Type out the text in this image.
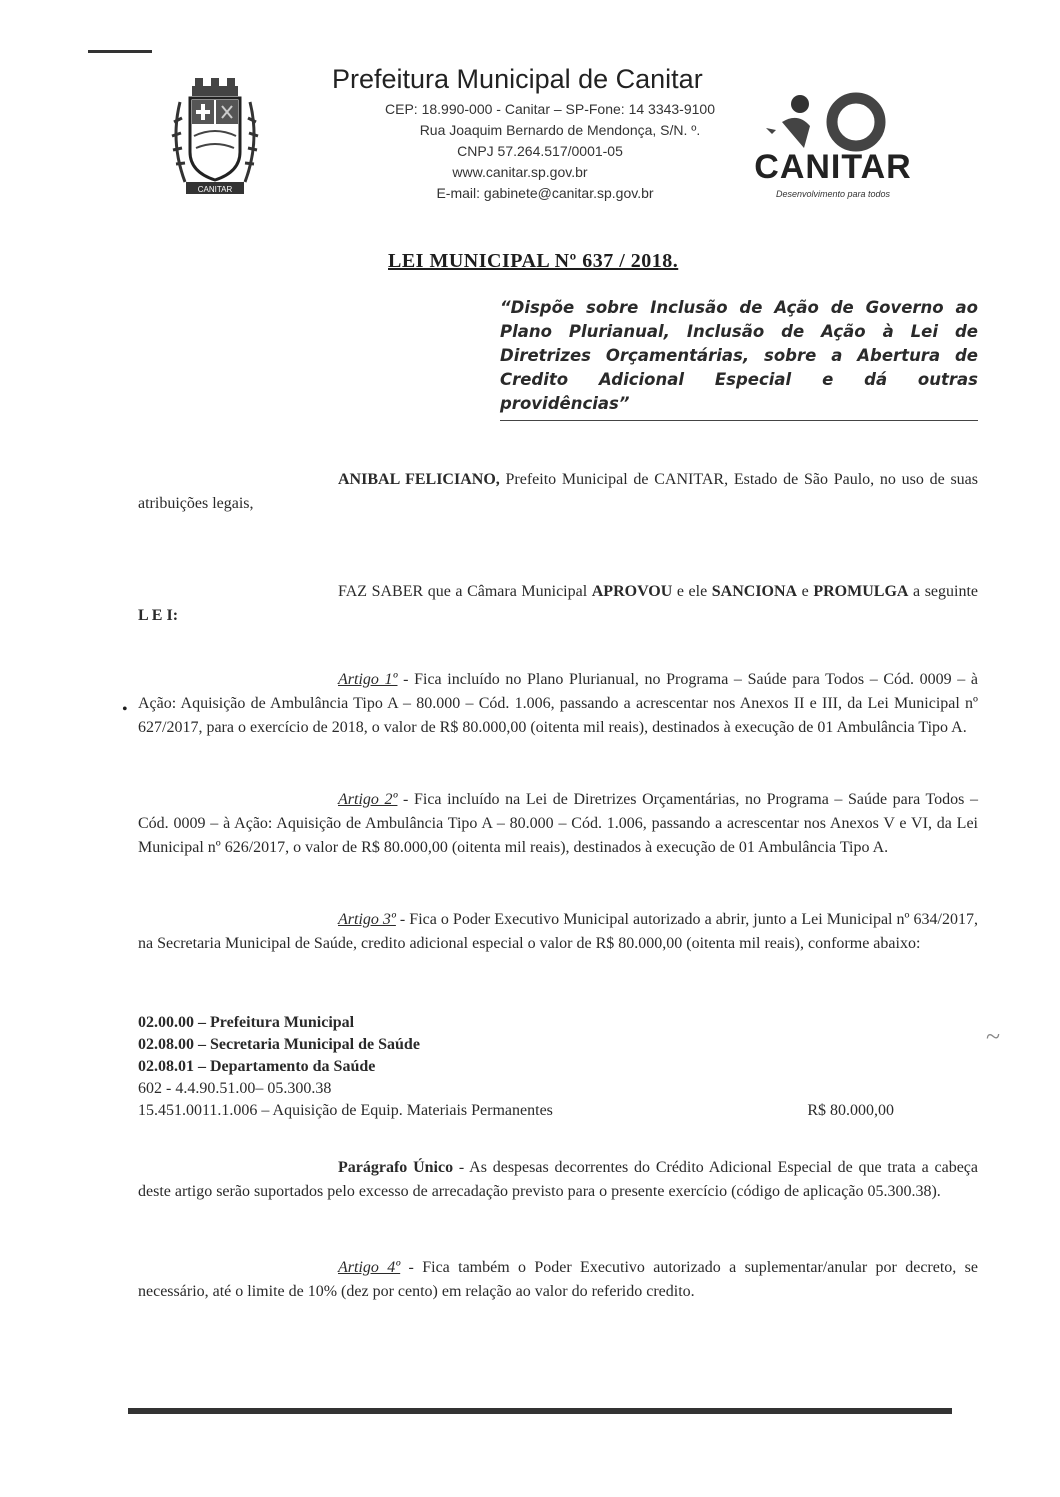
CANITAR
Prefeitura Municipal de Canitar
CEP: 18.990-000 - Canitar – SP-Fone: 14 3343-9100
Rua Joaquim Bernardo de Mendonça, S/N. º.
CNPJ 57.264.517/0001-05
www.canitar.sp.gov.br
E-mail: gabinete@canitar.sp.gov.br
CANITAR
Desenvolvimento para todos
LEI MUNICIPAL Nº 637 / 2018.
“Dispõe sobre Inclusão de Ação de Governo ao Plano Plurianual, Inclusão de Ação à Lei de Diretrizes Orçamentárias, sobre a Abertura de Credito Adicional Especial e dá outras providências”
ANIBAL FELICIANO, Prefeito Municipal de CANITAR, Estado de São Paulo, no uso de suas atribuições legais,
FAZ SABER que a Câmara Municipal APROVOU e ele SANCIONA e PROMULGA a seguinte L E I:
Artigo 1º - Fica incluído no Plano Plurianual, no Programa – Saúde para Todos – Cód. 0009 – à Ação: Aquisição de Ambulância Tipo A – 80.000 – Cód. 1.006, passando a acrescentar nos Anexos II e III, da Lei Municipal nº 627/2017, para o exercício de 2018, o valor de R$ 80.000,00 (oitenta mil reais), destinados à execução de 01 Ambulância Tipo A.
•
Artigo 2º - Fica incluído na Lei de Diretrizes Orçamentárias, no Programa – Saúde para Todos – Cód. 0009 – à Ação: Aquisição de Ambulância Tipo A – 80.000 – Cód. 1.006, passando a acrescentar nos Anexos V e VI, da Lei Municipal nº 626/2017, o valor de R$ 80.000,00 (oitenta mil reais), destinados à execução de 01 Ambulância Tipo A.
Artigo 3º - Fica o Poder Executivo Municipal autorizado a abrir, junto a Lei Municipal nº 634/2017, na Secretaria Municipal de Saúde, credito adicional especial o valor de R$ 80.000,00 (oitenta mil reais), conforme abaixo:
02.00.00 – Prefeitura Municipal
02.08.00 – Secretaria Municipal de Saúde
02.08.01 – Departamento da Saúde
602 - 4.4.90.51.00– 05.300.38
15.451.0011.1.006 – Aquisição de Equip. Materiais Permanentes	R$ 80.000,00
~
Parágrafo Único - As despesas decorrentes do Crédito Adicional Especial de que trata a cabeça deste artigo serão suportados pelo excesso de arrecadação previsto para o presente exercício (código de aplicação 05.300.38).
Artigo 4º - Fica também o Poder Executivo autorizado a suplementar/anular por decreto, se necessário, até o limite de 10% (dez por cento) em relação ao valor do referido credito.
